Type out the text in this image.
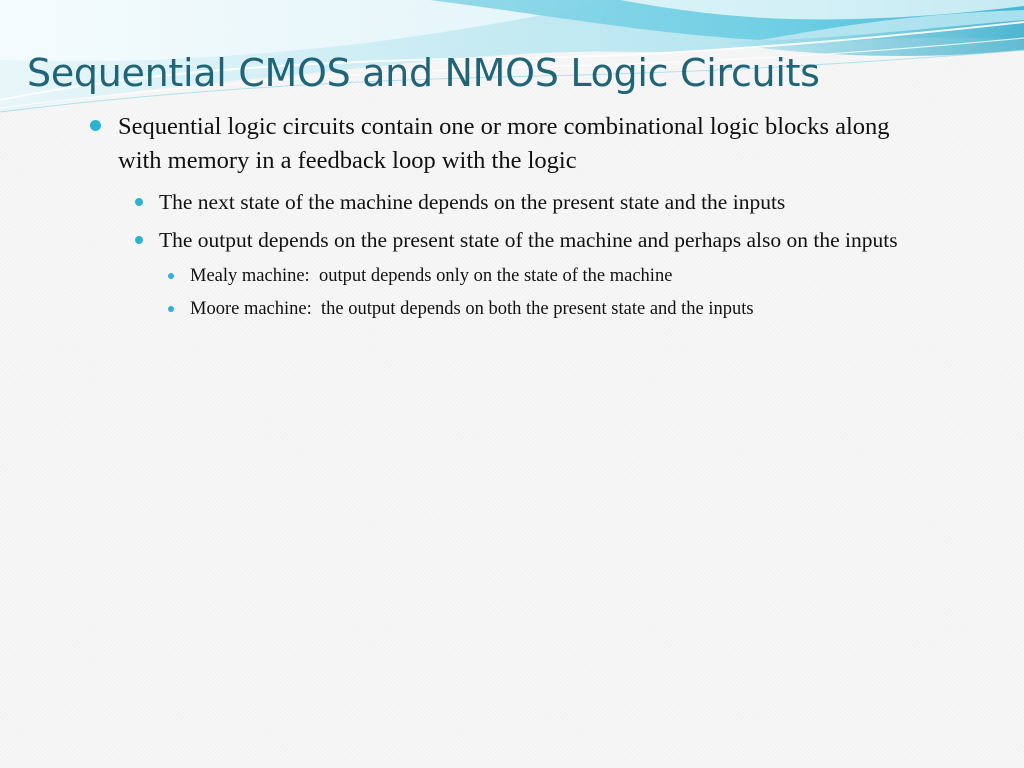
Sequential CMOS and NMOS Logic Circuits
Sequential logic circuits contain one or more combinational logic blocks along with memory in a feedback loop with the logic
The next state of the machine depends on the present state and the inputs
The output depends on the present state of the machine and perhaps also on the inputs
Mealy machine:  output depends only on the state of the machine
Moore machine:  the output depends on both the present state and the inputs
